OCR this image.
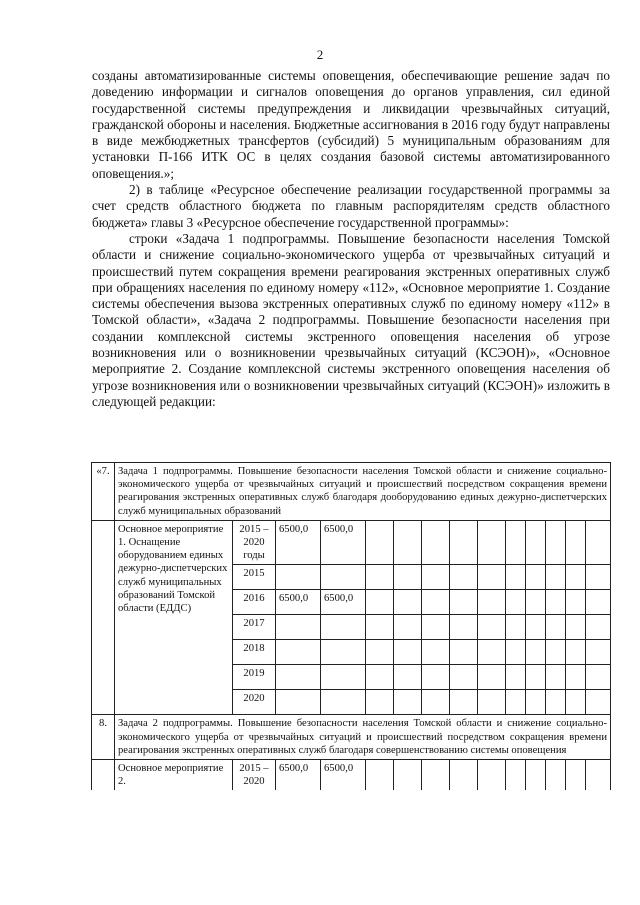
2

созданы автоматизированные системы оповещения, обеспечивающие решение задач по доведению информации и сигналов оповещения до органов управления, сил единой государственной системы предупреждения и ликвидации чрезвычайных ситуаций, гражданской обороны и населения. Бюджетные ассигнования в 2016 году будут направлены в виде межбюджетных трансфертов (субсидий) 5 муниципальным образованиям для установки П-166 ИТК ОС в целях создания базовой системы автоматизированного оповещения.»;

2) в таблице «Ресурсное обеспечение реализации государственной программы за счет средств областного бюджета по главным распорядителям средств областного бюджета» главы 3 «Ресурсное обеспечение государственной программы»:

строки «Задача 1 подпрограммы. Повышение безопасности населения Томской области и снижение социально-экономического ущерба от чрезвычайных ситуаций и происшествий путем сокращения времени реагирования экстренных оперативных служб при обращениях населения по единому номеру «112», «Основное мероприятие 1. Создание системы обеспечения вызова экстренных оперативных служб по единому номеру «112» в Томской области», «Задача 2 подпрограммы. Повышение безопасности населения при создании комплексной системы экстренного оповещения населения об угрозе возникновения или о возникновении чрезвычайных ситуаций (КСЭОН)», «Основное мероприятие 2. Создание комплексной системы экстренного оповещения населения об угрозе возникновения или о возникновении чрезвычайных ситуаций (КСЭОН)» изложить в следующей редакции:

«7.	Задача 1 подпрограммы. Повышение безопасности населения Томской области и снижение социально-экономического ущерба от чрезвычайных ситуаций и происшествий посредством сокращения времени реагирования экстренных оперативных служб благодаря дооборудованию единых дежурно-диспетчерских служб муниципальных образований													
	Основное мероприятие 1. Оснащение оборудованием единых дежурно-диспетчерских служб муниципальных образований Томской области (ЕДДС)	2015 – 2020 годы	6500,0	6500,0										
		2015												
		2016	6500,0	6500,0										
		2017												
		2018												
		2019												
		2020												
8.	Задача 2 подпрограммы. Повышение безопасности населения Томской области и снижение социально-экономического ущерба от чрезвычайных ситуаций и происшествий посредством сокращения времени реагирования экстренных оперативных служб благодаря совершенствованию системы оповещения													
	Основное мероприятие 2.	2015 – 2020	6500,0	6500,0										
